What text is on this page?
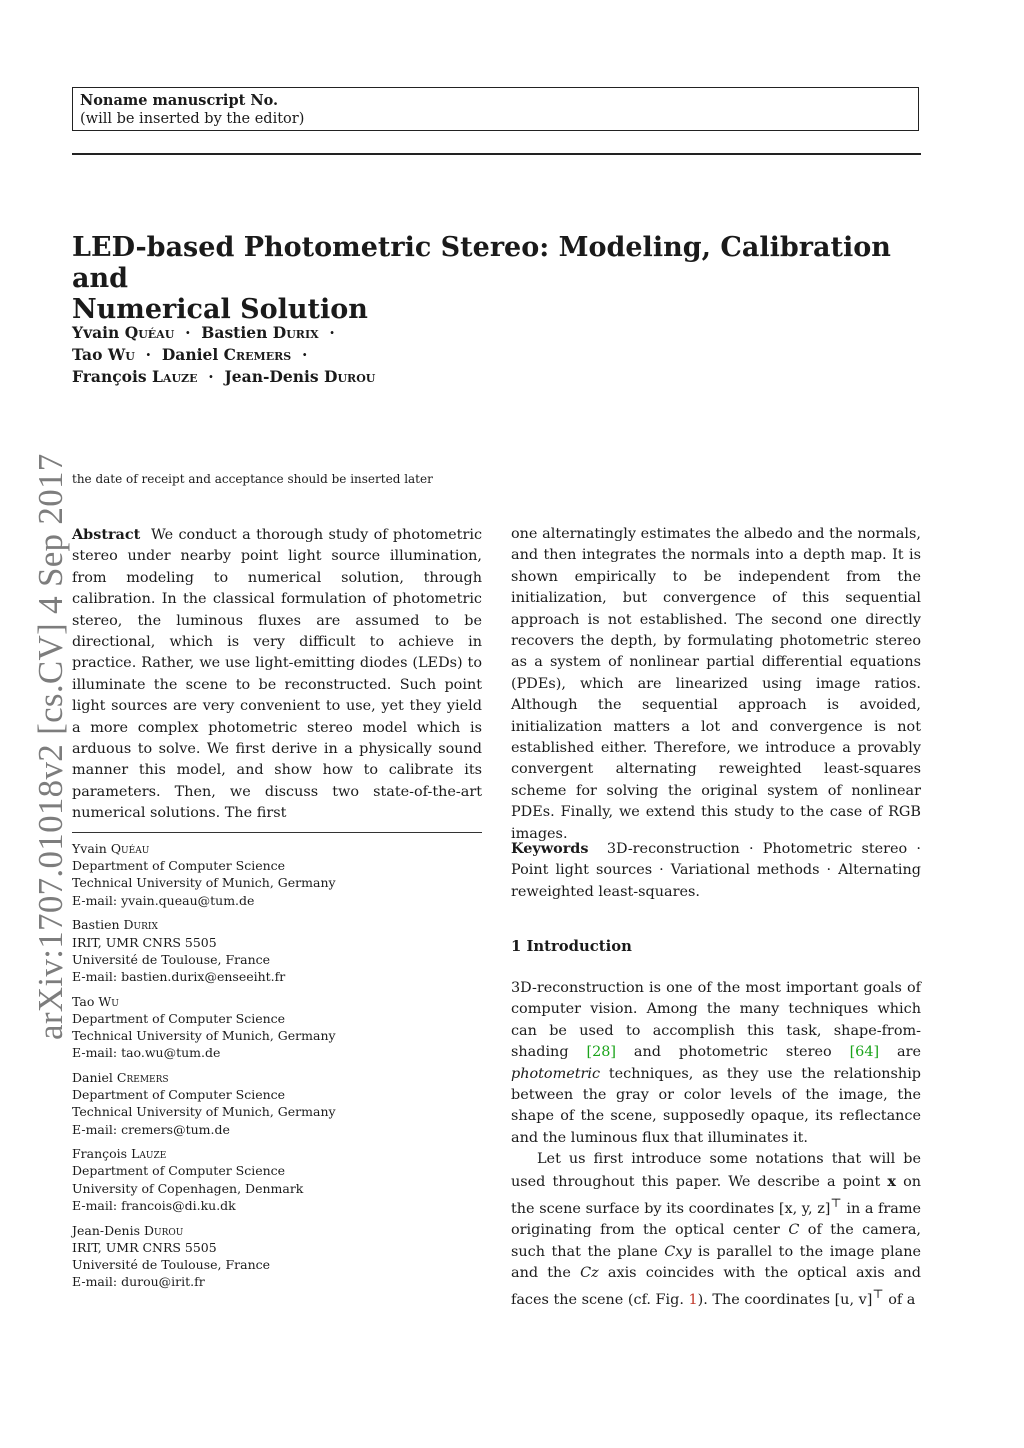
Noname manuscript No.
(will be inserted by the editor)
LED-based Photometric Stereo: Modeling, Calibration and
Numerical Solution
Yvain Quéau · Bastien Durix ·
Tao Wu · Daniel Cremers ·
François Lauze · Jean-Denis Durou
arXiv:1707.01018v2 [cs.CV] 4 Sep 2017 the date of receipt and acceptance should be inserted later
Abstract We conduct a thorough study of photometric stereo under nearby point light source illumination, from modeling to numerical solution, through calibration. In the classical formulation of photometric stereo, the luminous fluxes are assumed to be directional, which is very difficult to achieve in practice. Rather, we use light-emitting diodes (LEDs) to illuminate the scene to be reconstructed. Such point light sources are very convenient to use, yet they yield a more complex photometric stereo model which is arduous to solve. We first derive in a physically sound manner this model, and show how to calibrate its parameters. Then, we discuss two state-of-the-art numerical solutions. The first
one alternatingly estimates the albedo and the normals, and then integrates the normals into a depth map. It is shown empirically to be independent from the initialization, but convergence of this sequential approach is not established. The second one directly recovers the depth, by formulating photometric stereo as a system of nonlinear partial differential equations (PDEs), which are linearized using image ratios. Although the sequential approach is avoided, initialization matters a lot and convergence is not established either. Therefore, we introduce a provably convergent alternating reweighted least-squares scheme for solving the original system of nonlinear PDEs. Finally, we extend this study to the case of RGB images.
Yvain Quéau
Department of Computer Science
Technical University of Munich, Germany
E-mail: yvain.queau@tum.de
Bastien Durix
IRIT, UMR CNRS 5505
Université de Toulouse, France
E-mail: bastien.durix@enseeiht.fr
Tao Wu
Department of Computer Science
Technical University of Munich, Germany
E-mail: tao.wu@tum.de
Daniel Cremers
Department of Computer Science
Technical University of Munich, Germany
E-mail: cremers@tum.de
François Lauze
Department of Computer Science
University of Copenhagen, Denmark
E-mail: francois@di.ku.dk
Jean-Denis Durou
IRIT, UMR CNRS 5505
Université de Toulouse, France
E-mail: durou@irit.fr
Keywords 3D-reconstruction · Photometric stereo · Point light sources · Variational methods · Alternating reweighted least-squares.
1 Introduction

3D-reconstruction is one of the most important goals of computer vision. Among the many techniques which can be used to accomplish this task, shape-from-shading [28] and photometric stereo [64] are photometric techniques, as they use the relationship between the gray or color levels of the image, the shape of the scene, supposedly opaque, its reflectance and the luminous flux that illuminates it.

Let us first introduce some notations that will be used throughout this paper. We describe a point x on the scene surface by its coordinates [x, y, z]⊤ in a frame originating from the optical center C of the camera, such that the plane Cxy is parallel to the image plane and the Cz axis coincides with the optical axis and faces the scene (cf. Fig. 1). The coordinates [u, v]⊤ of a
